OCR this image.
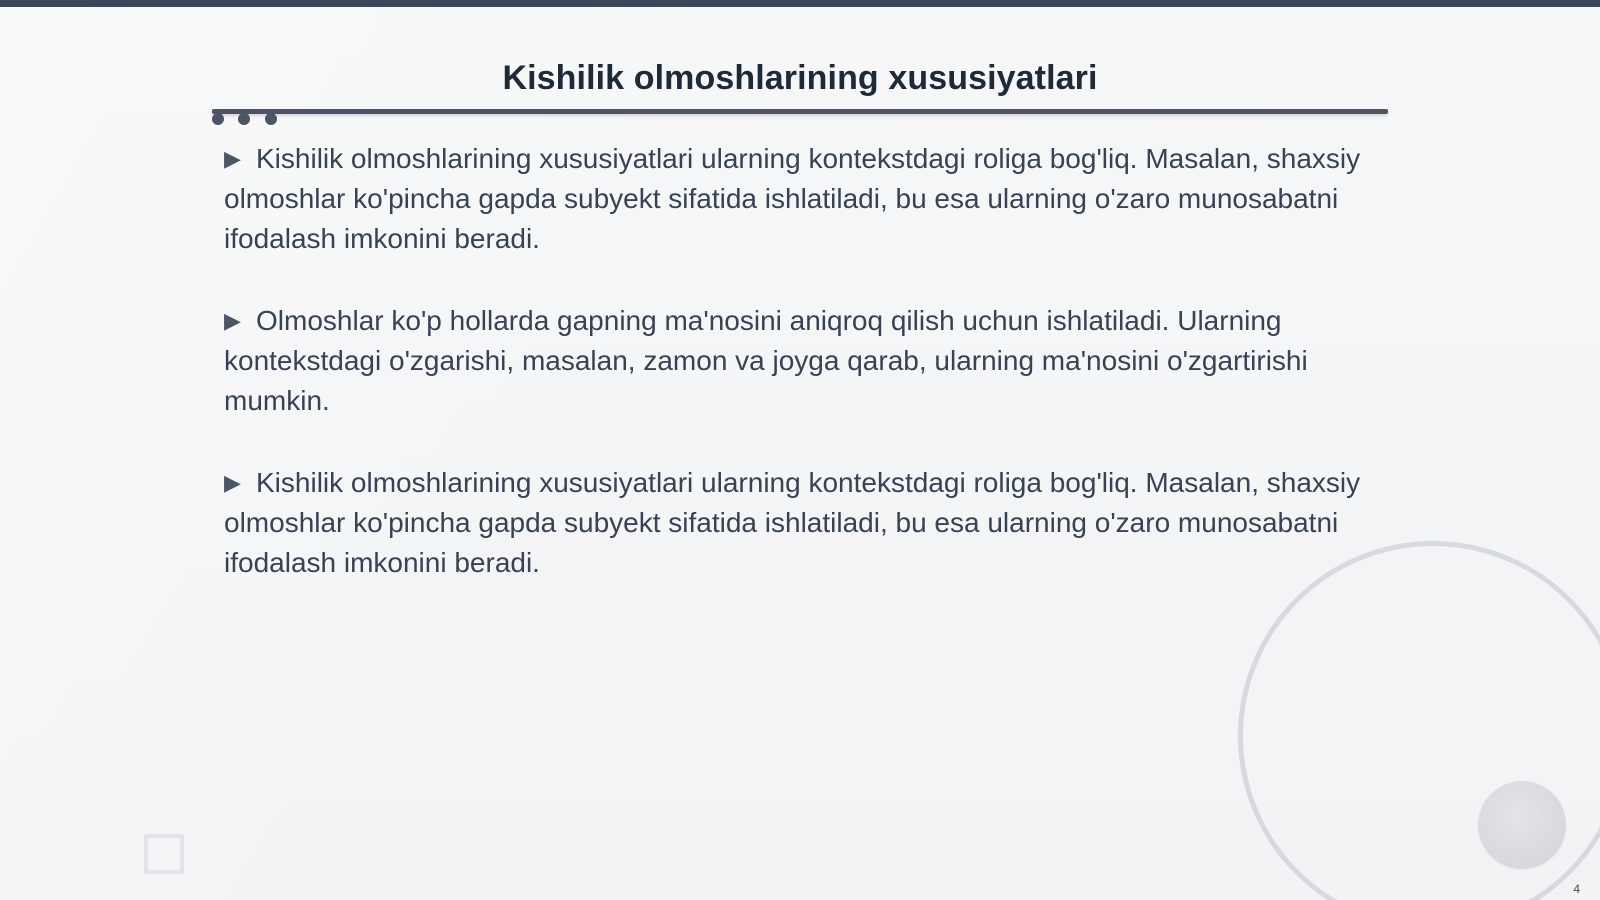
Kishilik olmoshlarining xususiyatlari

▶ Kishilik olmoshlarining xususiyatlari ularning kontekstdagi roliga bog'liq. Masalan, shaxsiy olmoshlar ko'pincha gapda subyekt sifatida ishlatiladi, bu esa ularning o'zaro munosabatni ifodalash imkonini beradi.

▶ Olmoshlar ko'p hollarda gapning ma'nosini aniqroq qilish uchun ishlatiladi. Ularning kontekstdagi o'zgarishi, masalan, zamon va joyga qarab, ularning ma'nosini o'zgartirishi mumkin.

▶ Kishilik olmoshlarining xususiyatlari ularning kontekstdagi roliga bog'liq. Masalan, shaxsiy olmoshlar ko'pincha gapda subyekt sifatida ishlatiladi, bu esa ularning o'zaro munosabatni ifodalash imkonini beradi.

4
